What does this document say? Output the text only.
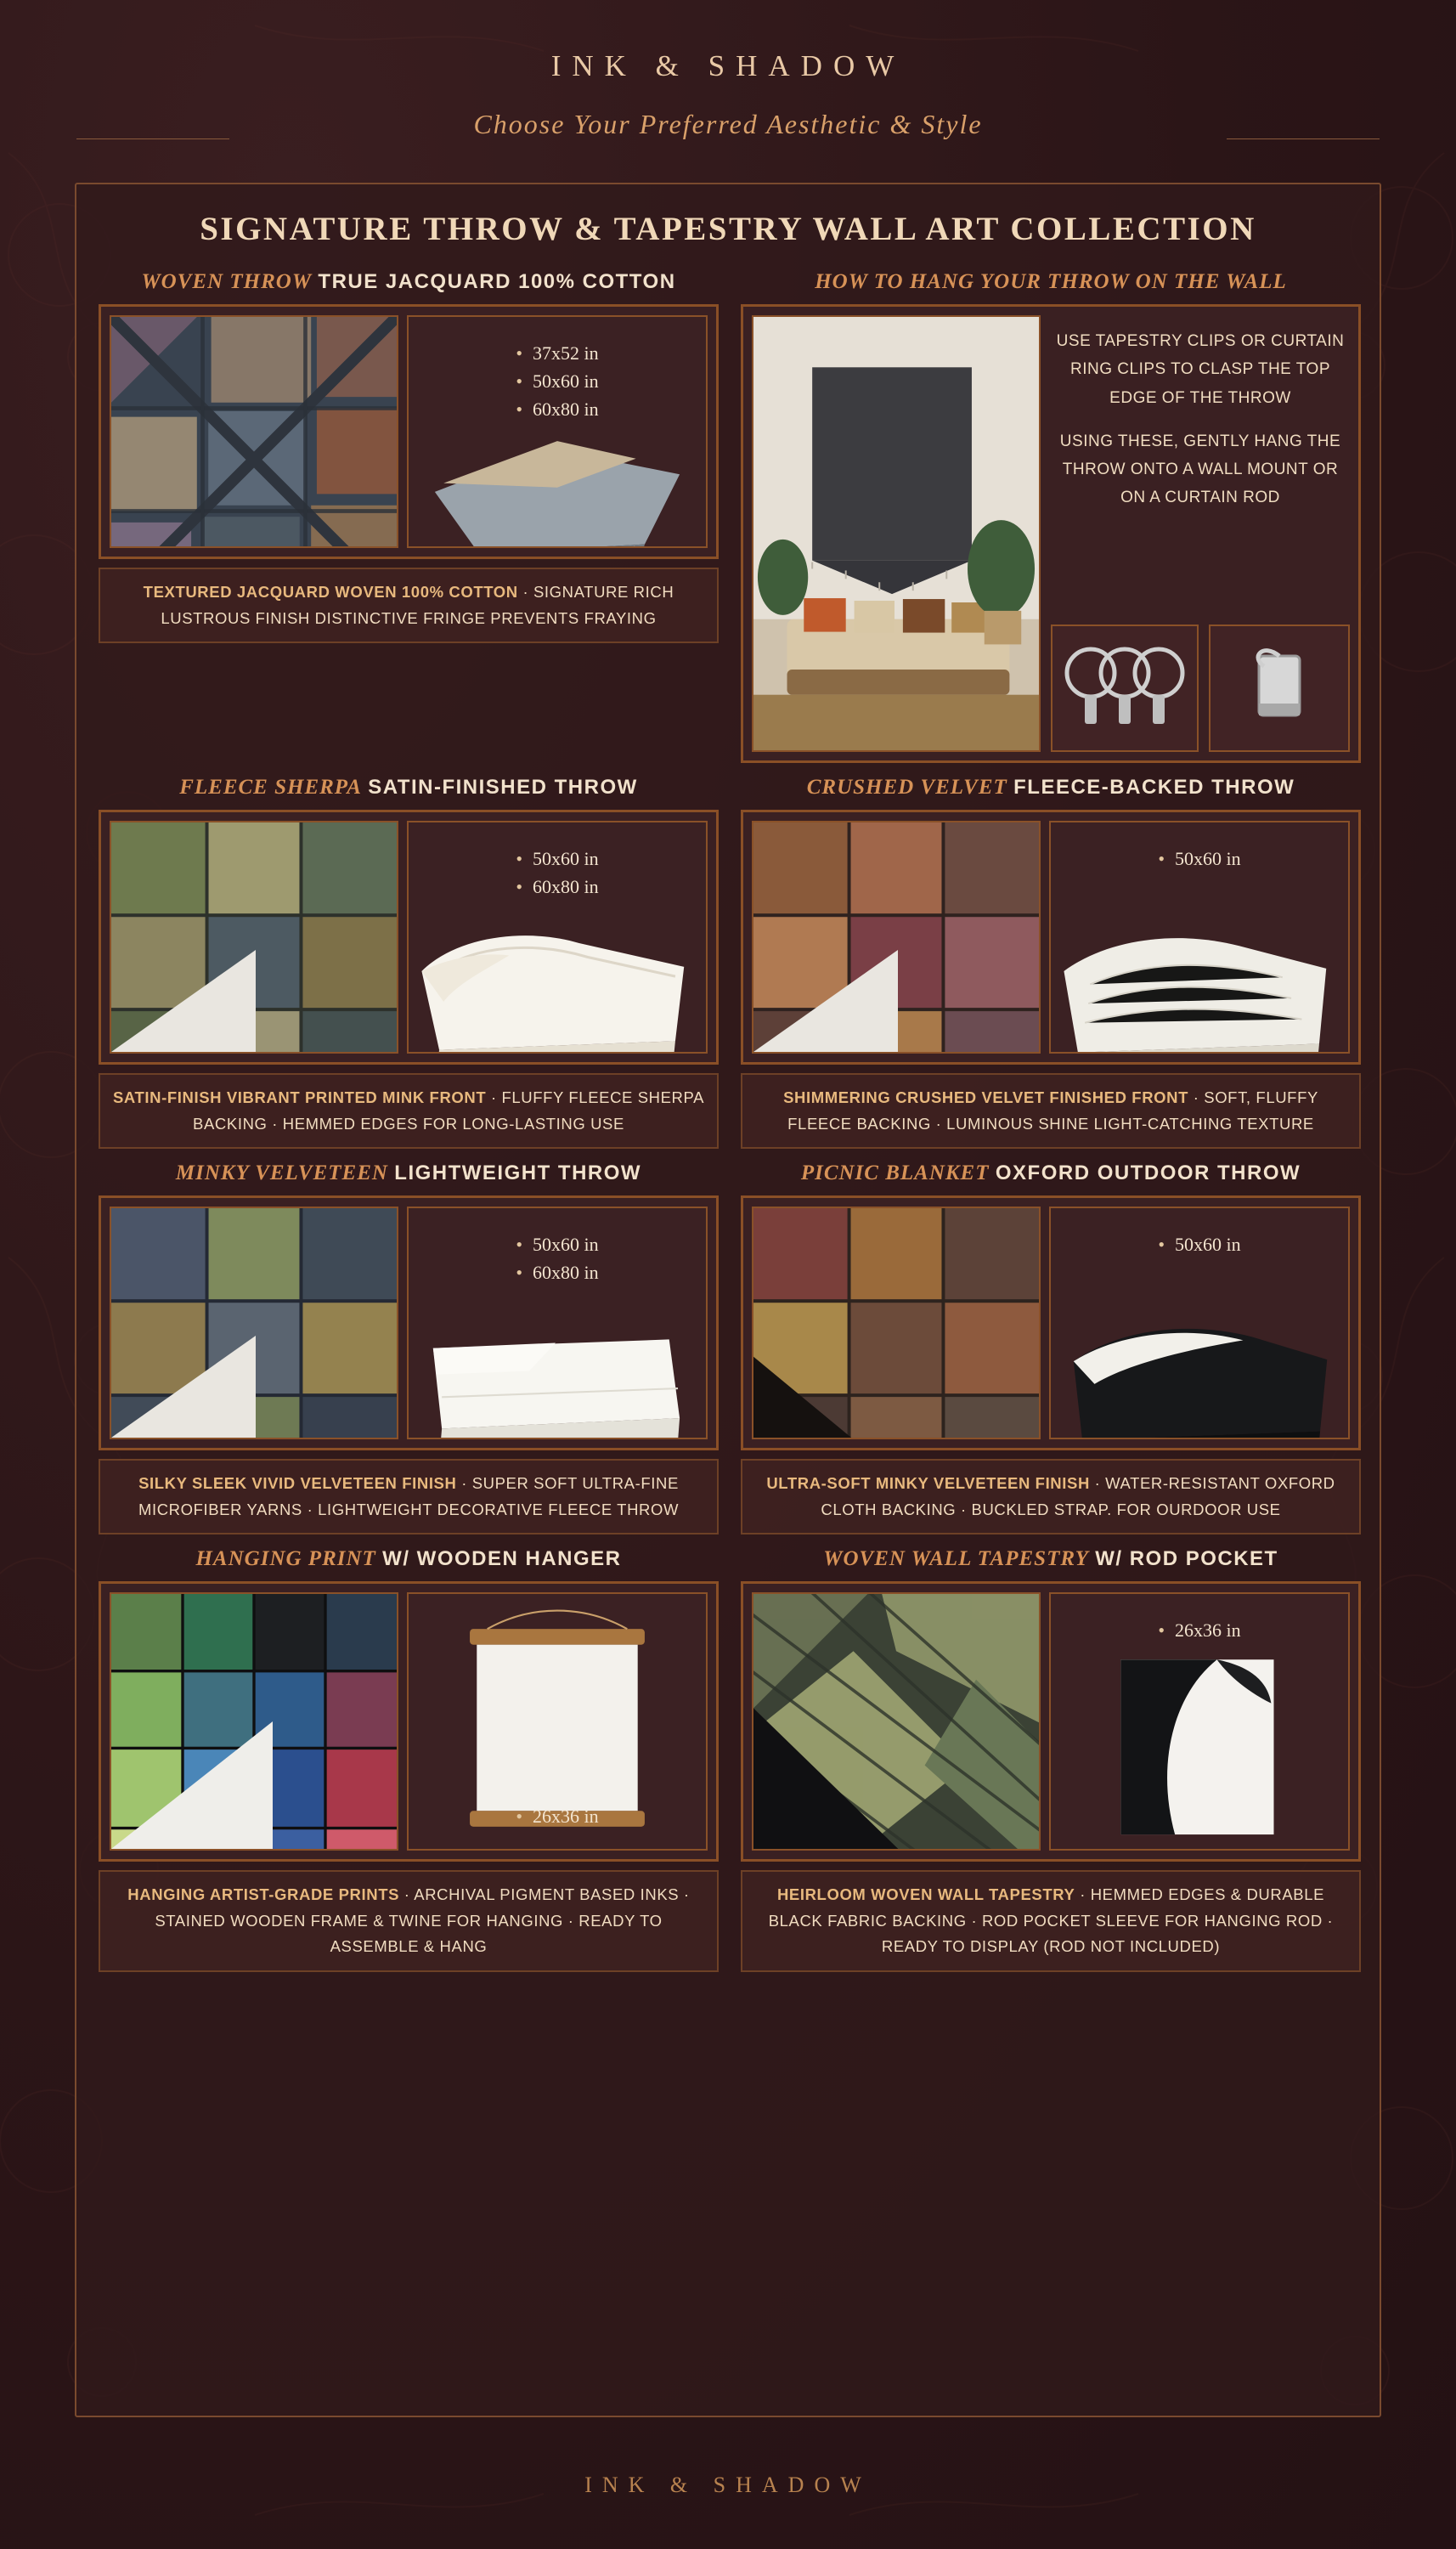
INK & SHADOW
Choose Your Preferred Aesthetic & Style
SIGNATURE THROW & TAPESTRY WALL ART COLLECTION
WOVEN THROW TRUE JACQUARD 100% COTTON
• 37x52 in
• 50x60 in
• 60x80 in
TEXTURED JACQUARD WOVEN 100% COTTON · SIGNATURE RICH LUSTROUS FINISH DISTINCTIVE FRINGE PREVENTS FRAYING
HOW TO HANG YOUR THROW ON THE WALL

USE TAPESTRY CLIPS OR CURTAIN RING CLIPS TO CLASP THE TOP EDGE OF THE THROW

USING THESE, GENTLY HANG THE THROW ONTO A WALL MOUNT OR ON A CURTAIN ROD

FLEECE SHERPA SATIN-FINISHED THROW
• 50x60 in
• 60x80 in
SATIN-FINISH VIBRANT PRINTED MINK FRONT · FLUFFY FLEECE SHERPA BACKING · HEMMED EDGES FOR LONG-LASTING USE
CRUSHED VELVET FLEECE-BACKED THROW
• 50x60 in
SHIMMERING CRUSHED VELVET FINISHED FRONT · SOFT, FLUFFY FLEECE BACKING · LUMINOUS SHINE LIGHT-CATCHING TEXTURE
MINKY VELVETEEN LIGHTWEIGHT THROW
• 50x60 in
• 60x80 in
SILKY SLEEK VIVID VELVETEEN FINISH · SUPER SOFT ULTRA-FINE MICROFIBER YARNS · LIGHTWEIGHT DECORATIVE FLEECE THROW
PICNIC BLANKET OXFORD OUTDOOR THROW
• 50x60 in
ULTRA-SOFT MINKY VELVETEEN FINISH · WATER-RESISTANT OXFORD CLOTH BACKING · BUCKLED STRAP. FOR OURDOOR USE
HANGING PRINT W/ WOODEN HANGER
• 26x36 in
HANGING ARTIST-GRADE PRINTS · ARCHIVAL PIGMENT BASED INKS · STAINED WOODEN FRAME & TWINE FOR HANGING · READY TO ASSEMBLE & HANG
WOVEN WALL TAPESTRY W/ ROD POCKET
• 26x36 in
HEIRLOOM WOVEN WALL TAPESTRY · HEMMED EDGES & DURABLE BLACK FABRIC BACKING · ROD POCKET SLEEVE FOR HANGING ROD · READY TO DISPLAY (ROD NOT INCLUDED)
INK & SHADOW
